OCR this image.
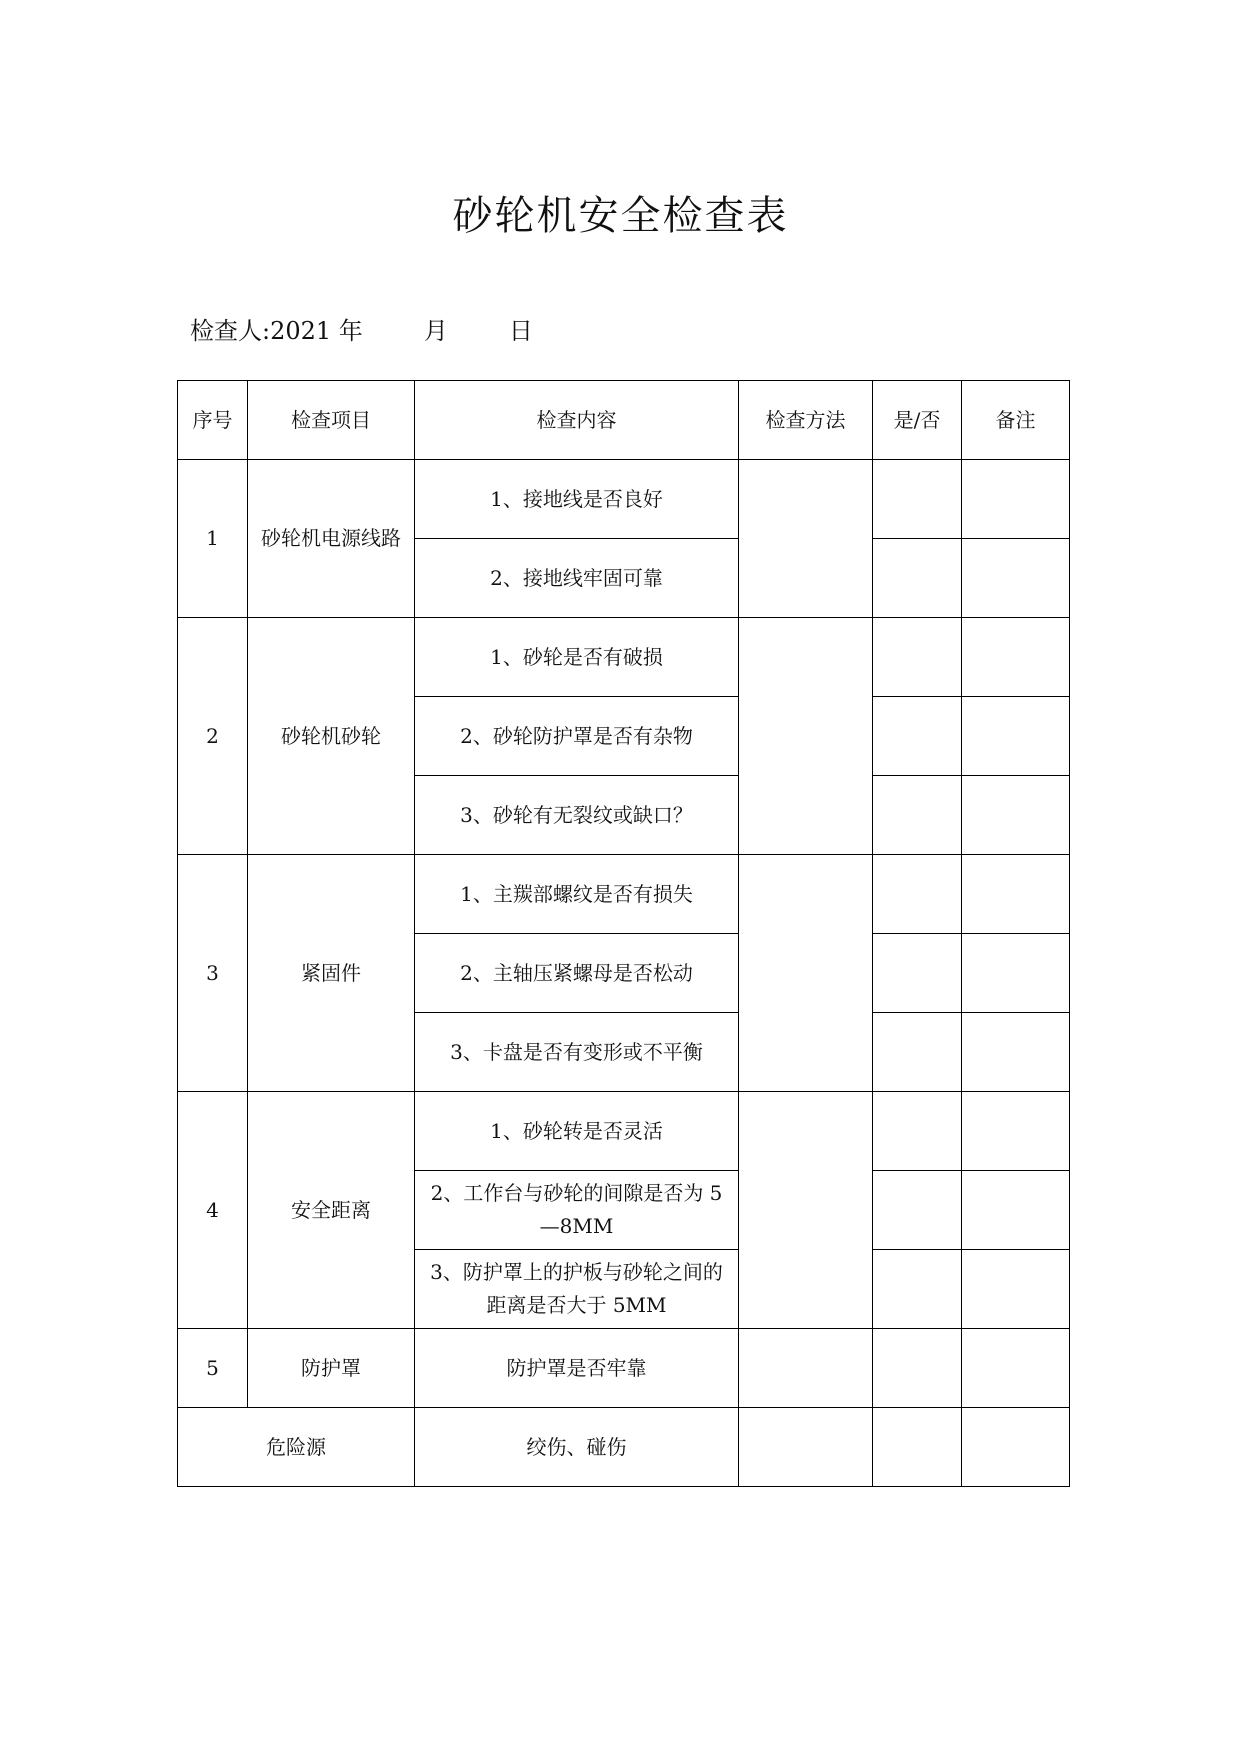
砂轮机安全检查表
检查人:2021 年        月        日
序号	检查项目	检查内容	检查方法	是/否	备注
1	砂轮机电源线路	1、接地线是否良好			
		2、接地线牢固可靠			
2	砂轮机砂轮	1、砂轮是否有破损			
		2、砂轮防护罩是否有杂物			
		3、砂轮有无裂纹或缺口？			
3	紧固件	1、主羰部螺纹是否有损失			
		2、主轴压紧螺母是否松动			
		3、卡盘是否有变形或不平衡			
4	安全距离	1、砂轮转是否灵活			
		2、工作台与砂轮的间隙是否为 5—8MM			
		3、防护罩上的护板与砂轮之间的距离是否大于 5MM			
5	防护罩	防护罩是否牢靠			
危险源		绞伤、碰伤			
